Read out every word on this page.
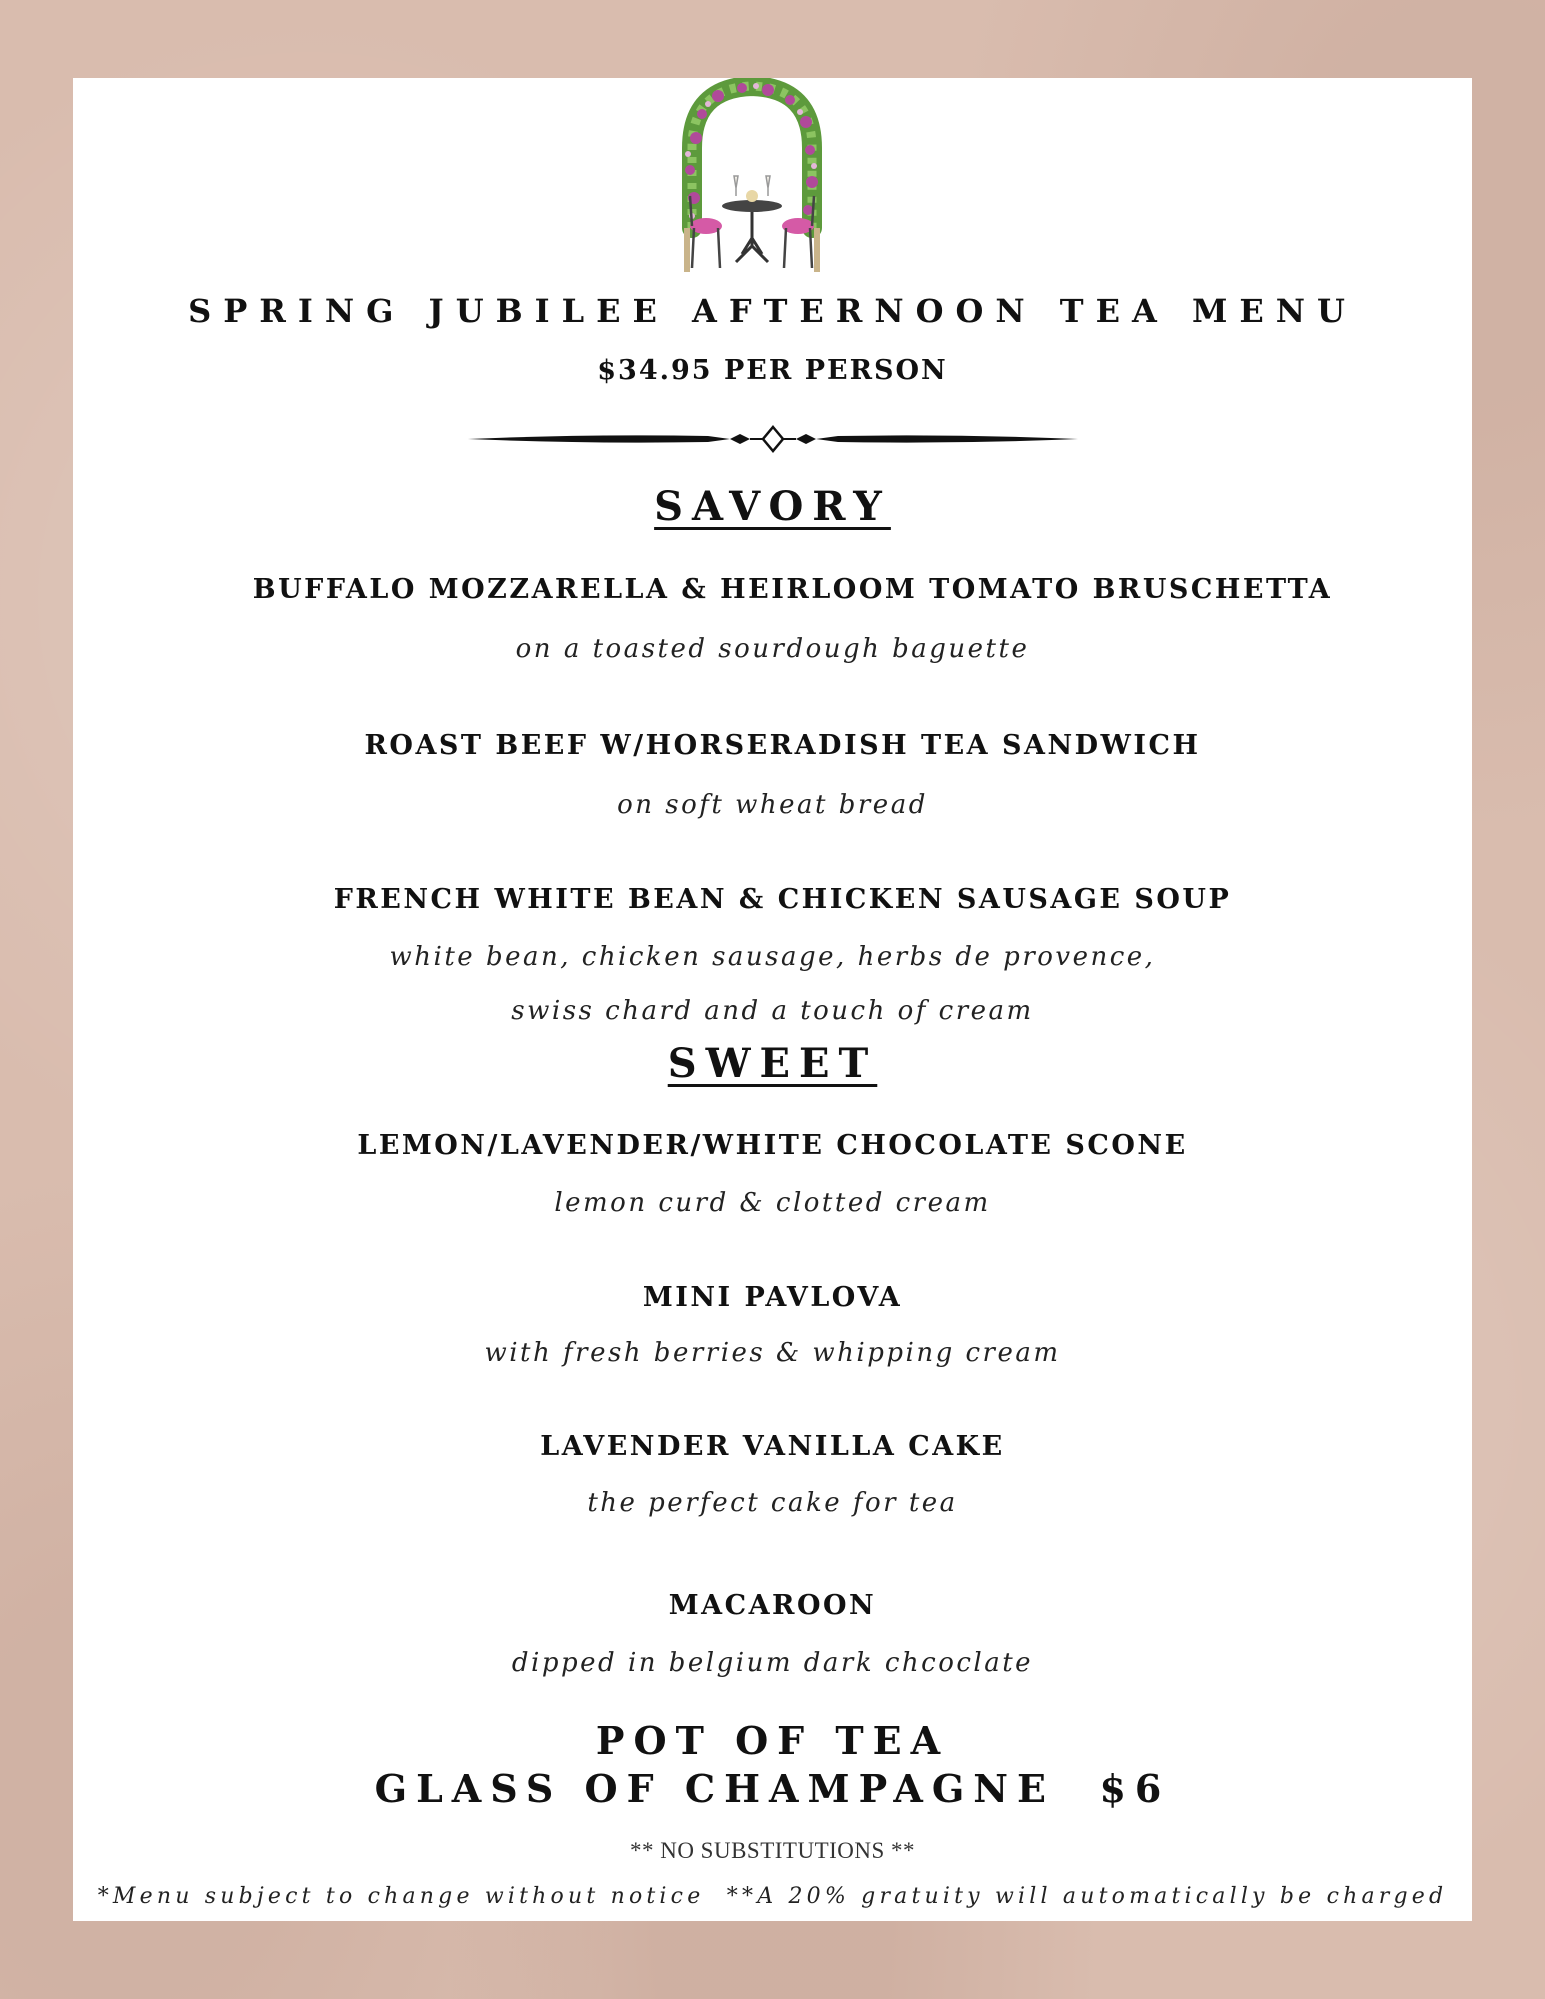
SPRING JUBILEE AFTERNOON TEA MENU
$34.95 PER PERSON
SAVORY
BUFFALO MOZZARELLA & HEIRLOOM TOMATO BRUSCHETTA
on a toasted sourdough baguette
ROAST BEEF W/HORSERADISH TEA SANDWICH
on soft wheat bread
FRENCH WHITE BEAN & CHICKEN SAUSAGE SOUP
white bean, chicken sausage, herbs de provence,
swiss chard and a touch of cream
SWEET
LEMON/LAVENDER/WHITE CHOCOLATE SCONE
lemon curd & clotted cream
MINI PAVLOVA
with fresh berries & whipping cream
LAVENDER VANILLA CAKE
the perfect cake for tea
MACAROON
dipped in belgium dark chcoclate
POT OF TEA
GLASS OF CHAMPAGNE  $6
** NO SUBSTITUTIONS **
*Menu subject to change without notice  **A 20% gratuity will automatically be charged
